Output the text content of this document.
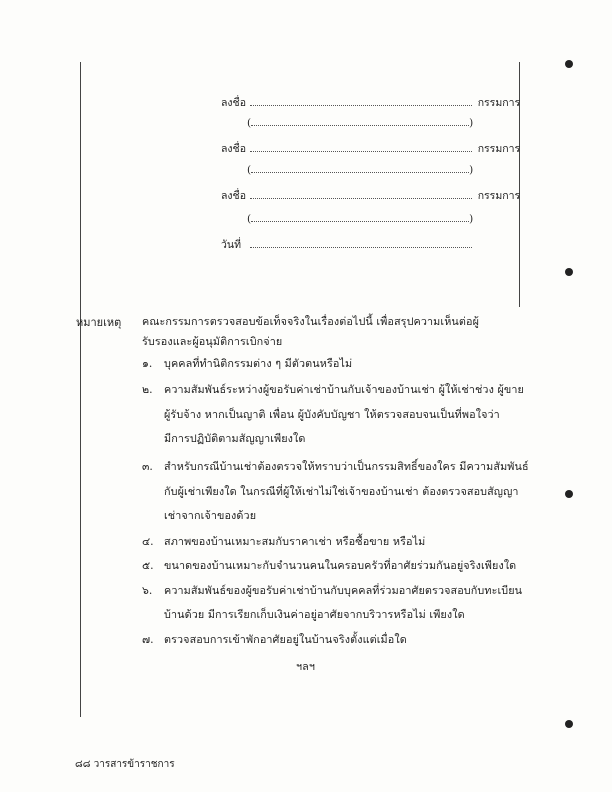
ลงชื่อ	กรรมการ
(	)
ลงชื่อ	กรรมการ
(	)
ลงชื่อ	กรรมการ
(	)
วันที่
หมายเหตุ คณะกรรมการตรวจสอบข้อเท็จจริงในเรื่องต่อไปนี้ เพื่อสรุปความเห็นต่อผู้
รับรองและผู้อนุมัติการเบิกจ่าย
๑. บุคคลที่ทำนิติกรรมต่าง ๆ มีตัวตนหรือไม่
๒. ความสัมพันธ์ระหว่างผู้ขอรับค่าเช่าบ้านกับเจ้าของบ้านเช่า ผู้ให้เช่าช่วง ผู้ขาย
ผู้รับจ้าง หากเป็นญาติ เพื่อน ผู้บังคับบัญชา ให้ตรวจสอบจนเป็นที่พอใจว่า
มีการปฏิบัติตามสัญญาเพียงใด
๓. สำหรับกรณีบ้านเช่าต้องตรวจให้ทราบว่าเป็นกรรมสิทธิ์ของใคร มีความสัมพันธ์
กับผู้เช่าเพียงใด ในกรณีที่ผู้ให้เช่าไม่ใช่เจ้าของบ้านเช่า ต้องตรวจสอบสัญญา
เช่าจากเจ้าของด้วย
๔. สภาพของบ้านเหมาะสมกับราคาเช่า หรือซื้อขาย หรือไม่
๕. ขนาดของบ้านเหมาะกับจำนวนคนในครอบครัวที่อาศัยร่วมกันอยู่จริงเพียงใด
๖. ความสัมพันธ์ของผู้ขอรับค่าเช่าบ้านกับบุคคลที่ร่วมอาศัยตรวจสอบกับทะเบียน
บ้านด้วย มีการเรียกเก็บเงินค่าอยู่อาศัยจากบริวารหรือไม่ เพียงใด
๗. ตรวจสอบการเข้าพักอาศัยอยู่ในบ้านจริงตั้งแต่เมื่อใด
ฯลฯ
๘๘ วารสารข้าราชการ
